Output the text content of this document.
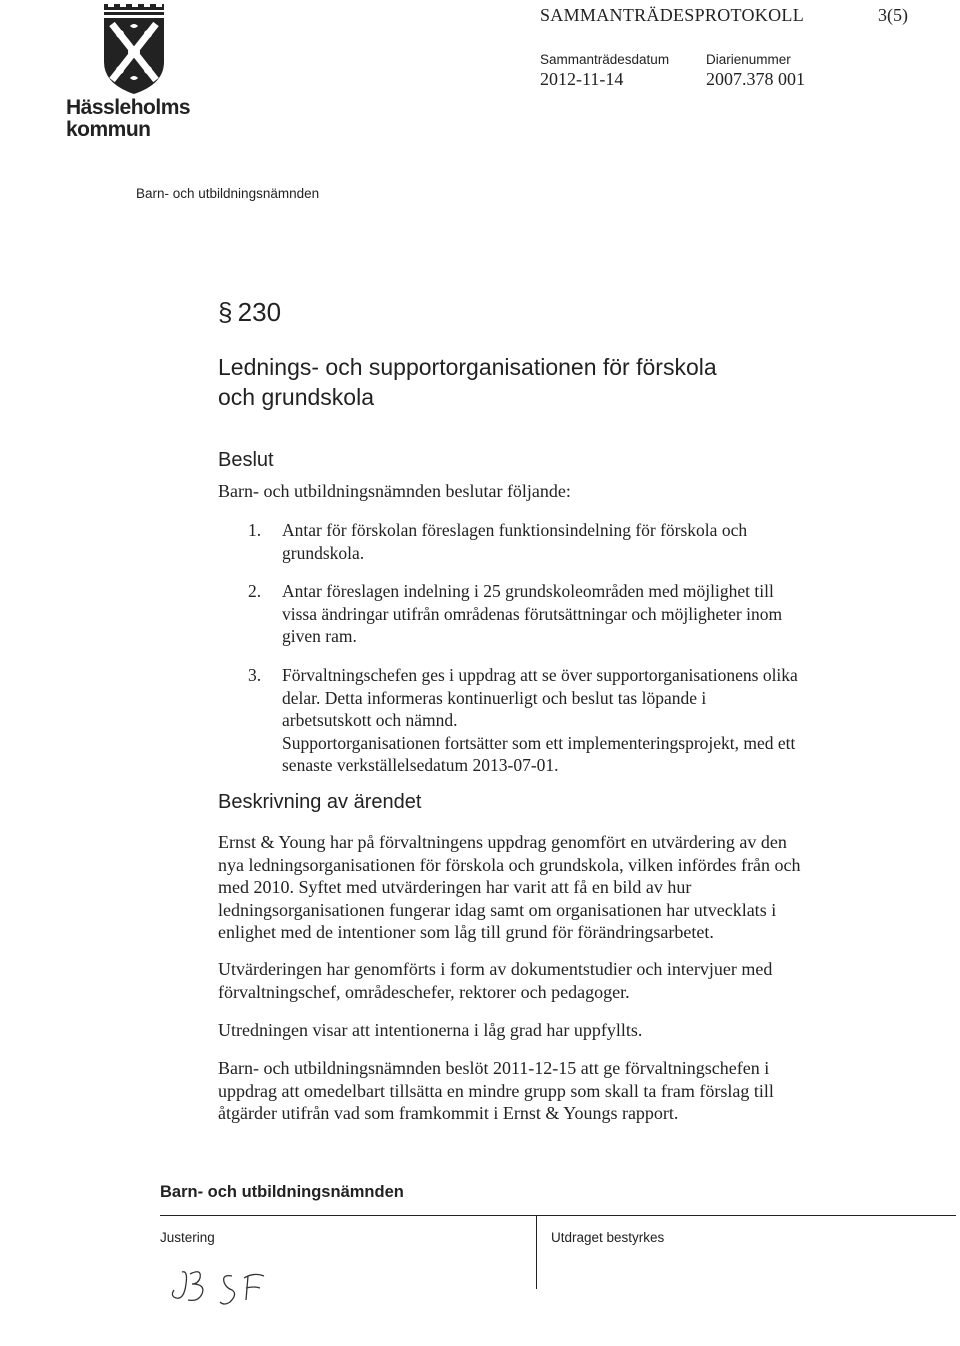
Hässleholms
kommun
SAMMANTRÄDESPROTOKOLL	3(5)
Sammanträdesdatum
2012-11-14
Diarienummer
2007.378 001
Barn- och utbildningsnämnden
§ 230
Lednings- och supportorganisationen för förskola
och grundskola
Beslut
Barn- och utbildningsnämnden beslutar följande:
1. Antar för förskolan föreslagen funktionsindelning för förskola och
grundskola.
2. Antar föreslagen indelning i 25 grundskoleområden med möjlighet till
vissa ändringar utifrån områdenas förutsättningar och möjligheter inom
given ram.
3. Förvaltningschefen ges i uppdrag att se över supportorganisationens olika
delar. Detta informeras kontinuerligt och beslut tas löpande i
arbetsutskott och nämnd.
Supportorganisationen fortsätter som ett implementeringsprojekt, med ett
senaste verkställelsedatum 2013-07-01.
Beskrivning av ärendet
Ernst & Young har på förvaltningens uppdrag genomfört en utvärdering av den
nya ledningsorganisationen för förskola och grundskola, vilken infördes från och
med 2010. Syftet med utvärderingen har varit att få en bild av hur
ledningsorganisationen fungerar idag samt om organisationen har utvecklats i
enlighet med de intentioner som låg till grund för förändringsarbetet.
Utvärderingen har genomförts i form av dokumentstudier och intervjuer med
förvaltningschef, områdeschefer, rektorer och pedagoger.
Utredningen visar att intentionerna i låg grad har uppfyllts.
Barn- och utbildningsnämnden beslöt 2011-12-15 att ge förvaltningschefen i
uppdrag att omedelbart tillsätta en mindre grupp som skall ta fram förslag till
åtgärder utifrån vad som framkommit i Ernst & Youngs rapport.
Barn- och utbildningsnämnden
Justering	Utdraget bestyrkes
